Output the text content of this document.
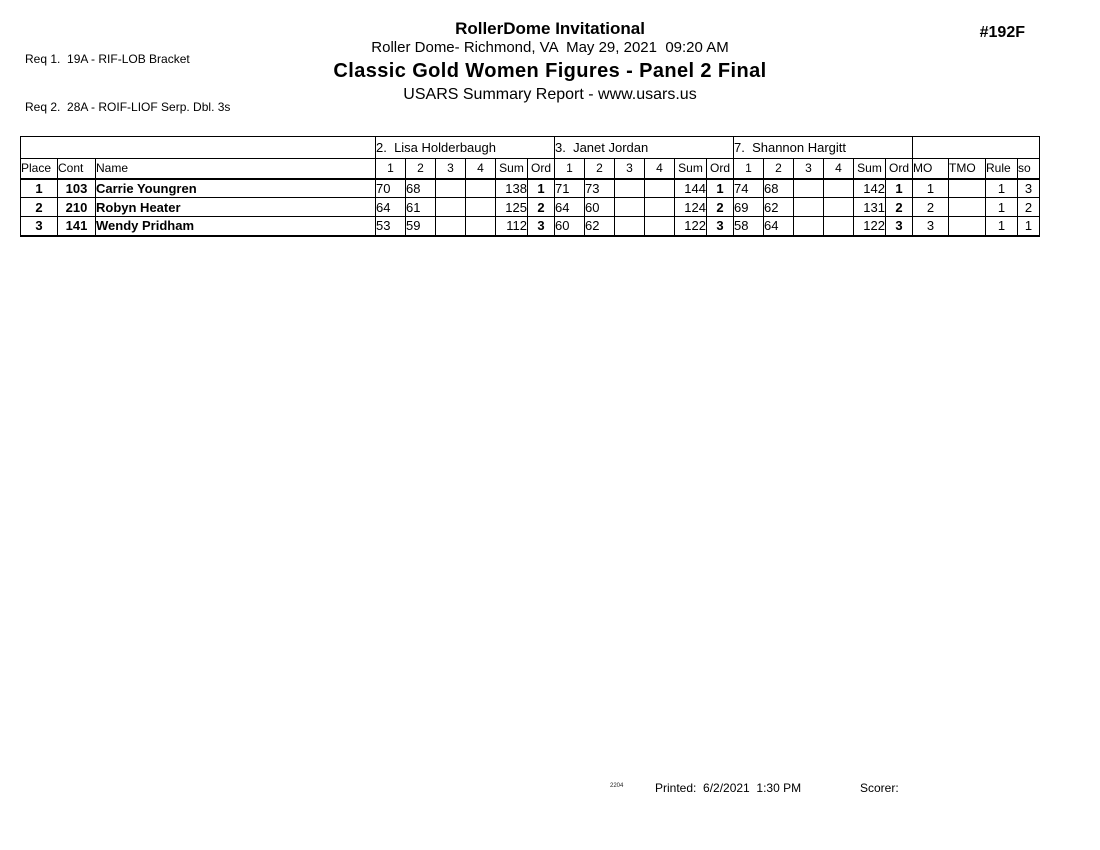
Req 1.  19A - RIF-LOB Bracket

Req 2.  28A - ROIF-LIOF Serp. Dbl. 3s

RollerDome Invitational
Roller Dome- Richmond, VA  May 29, 2021  09:20 AM
Classic Gold Women Figures - Panel 2 Final
USARS Summary Report - www.usars.us
#192F
			2.  Lisa Holderbaugh						3.  Janet Jordan						7.  Shannon Hargitt									
Place	Cont	Name	1	2	3	4	Sum	Ord	1	2	3	4	Sum	Ord	1	2	3	4	Sum	Ord	MO	TMO	Rule	so
1	103	Carrie Youngren	70	68			138	1	71	73			144	1	74	68			142	1	1		1	3
2	210	Robyn Heater	64	61			125	2	64	60			124	2	69	62			131	2	2		1	2
3	141	Wendy Pridham	53	59			112	3	60	62			122	3	58	64			122	3	3		1	1
2204	Printed:  6/2/2021  1:30 PM	Scorer:
